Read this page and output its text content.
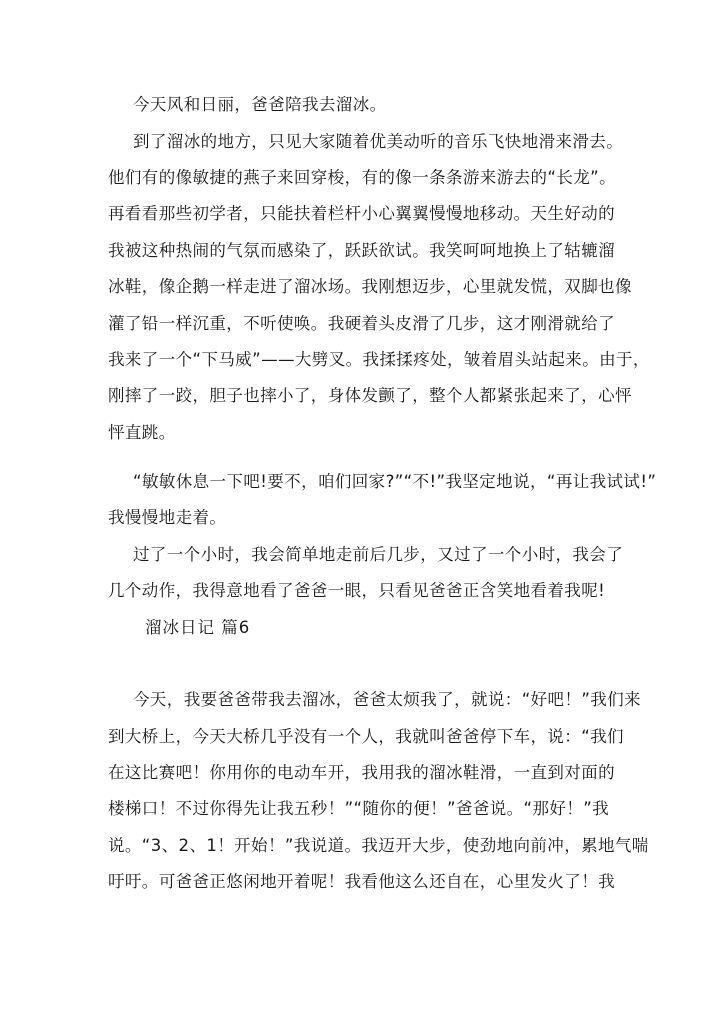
今天风和日丽，爸爸陪我去溜冰。
到了溜冰的地方，只见大家随着优美动听的音乐飞快地滑来滑去。
他们有的像敏捷的燕子来回穿梭，有的像一条条游来游去的“长龙”。
再看看那些初学者，只能扶着栏杆小心翼翼慢慢地移动。天生好动的
我被这种热闹的气氛而感染了，跃跃欲试。我笑呵呵地换上了轱辘溜
冰鞋，像企鹅一样走进了溜冰场。我刚想迈步，心里就发慌，双脚也像
灌了铅一样沉重，不听使唤。我硬着头皮滑了几步，这才刚滑就给了
我来了一个“下马威”——大劈叉。我揉揉疼处，皱着眉头站起来。由于，
刚摔了一跤，胆子也摔小了，身体发颤了，整个人都紧张起来了，心怦
怦直跳。
“敏敏休息一下吧!要不，咱们回家?”“不!”我坚定地说，“再让我试试!”
我慢慢地走着。
过了一个小时，我会简单地走前后几步，又过了一个小时，我会了
几个动作，我得意地看了爸爸一眼，只看见爸爸正含笑地看着我呢!
溜冰日记 篇6
今天，我要爸爸带我去溜冰，爸爸太烦我了，就说：“好吧！”我们来
到大桥上，今天大桥几乎没有一个人，我就叫爸爸停下车，说：“我们
在这比赛吧！你用你的电动车开，我用我的溜冰鞋滑，一直到对面的
楼梯口！不过你得先让我五秒！”“随你的便！”爸爸说。“那好！”我
说。“3、2、1！开始！”我说道。我迈开大步，使劲地向前冲，累地气喘
吁吁。可爸爸正悠闲地开着呢！我看他这么还自在，心里发火了！我
